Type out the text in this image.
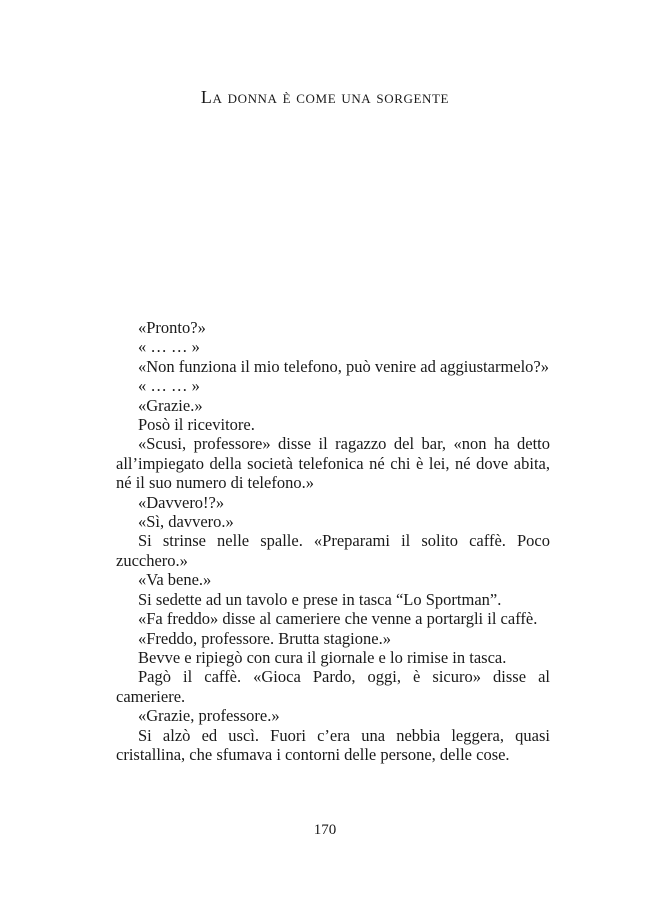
La donna è come una sorgente

«Pronto?»

« … … »

«Non funziona il mio telefono, può venire ad aggiustarmelo?»

« … … »

«Grazie.»

Posò il ricevitore.

«Scusi, professore» disse il ragazzo del bar, «non ha detto all’impiegato della società telefonica né chi è lei, né dove abita, né il suo numero di telefono.»

«Davvero!?»

«Sì, davvero.»

Si strinse nelle spalle. «Preparami il solito caffè. Poco zucchero.»

«Va bene.»

Si sedette ad un tavolo e prese in tasca “Lo Sportman”.

«Fa freddo» disse al cameriere che venne a portargli il caffè.

«Freddo, professore. Brutta stagione.»

Bevve e ripiegò con cura il giornale e lo rimise in tasca.

Pagò il caffè. «Gioca Pardo, oggi, è sicuro» disse al cameriere.

«Grazie, professore.»

Si alzò ed uscì. Fuori c’era una nebbia leggera, quasi cristallina, che sfumava i contorni delle persone, delle cose.

170
